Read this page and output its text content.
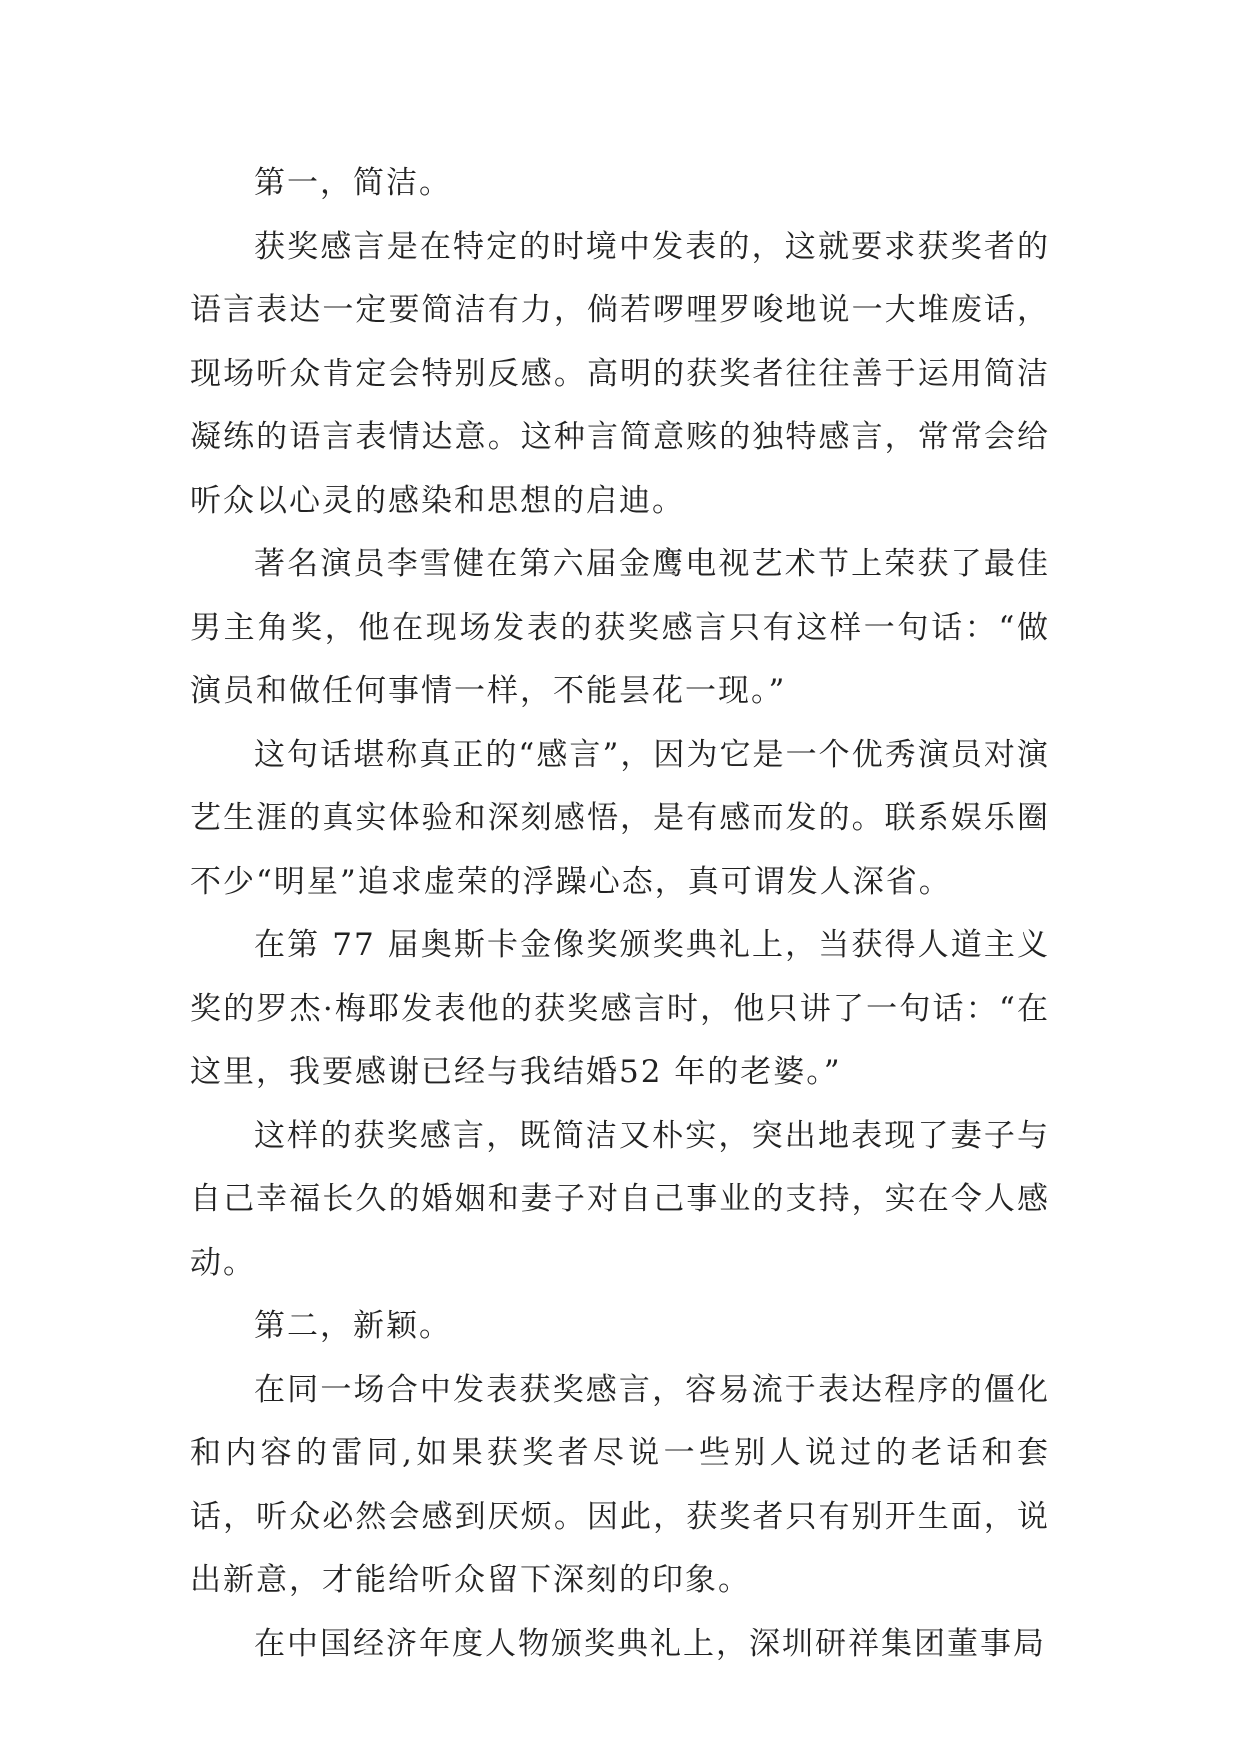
第一，简洁。

获奖感言是在特定的时境中发表的，这就要求获奖者的语言表达一定要简洁有力，倘若啰哩罗唆地说一大堆废话，现场听众肯定会特别反感。高明的获奖者往往善于运用简洁凝练的语言表情达意。这种言简意赅的独特感言，常常会给听众以心灵的感染和思想的启迪。

著名演员李雪健在第六届金鹰电视艺术节上荣获了最佳男主角奖，他在现场发表的获奖感言只有这样一句话：“做演员和做任何事情一样，不能昙花一现。”

这句话堪称真正的“感言”，因为它是一个优秀演员对演艺生涯的真实体验和深刻感悟，是有感而发的。联系娱乐圈不少“明星”追求虚荣的浮躁心态，真可谓发人深省。

在第 77 届奥斯卡金像奖颁奖典礼上，当获得人道主义奖的罗杰·梅耶发表他的获奖感言时，他只讲了一句话：“在这里，我要感谢已经与我结婚52 年的老婆。”

这样的获奖感言，既简洁又朴实，突出地表现了妻子与自己幸福长久的婚姻和妻子对自己事业的支持，实在令人感动。

第二，新颖。

在同一场合中发表获奖感言，容易流于表达程序的僵化和内容的雷同,如果获奖者尽说一些别人说过的老话和套话，听众必然会感到厌烦。因此，获奖者只有别开生面，说出新意，才能给听众留下深刻的印象。

在中国经济年度人物颁奖典礼上，深圳研祥集团董事局
